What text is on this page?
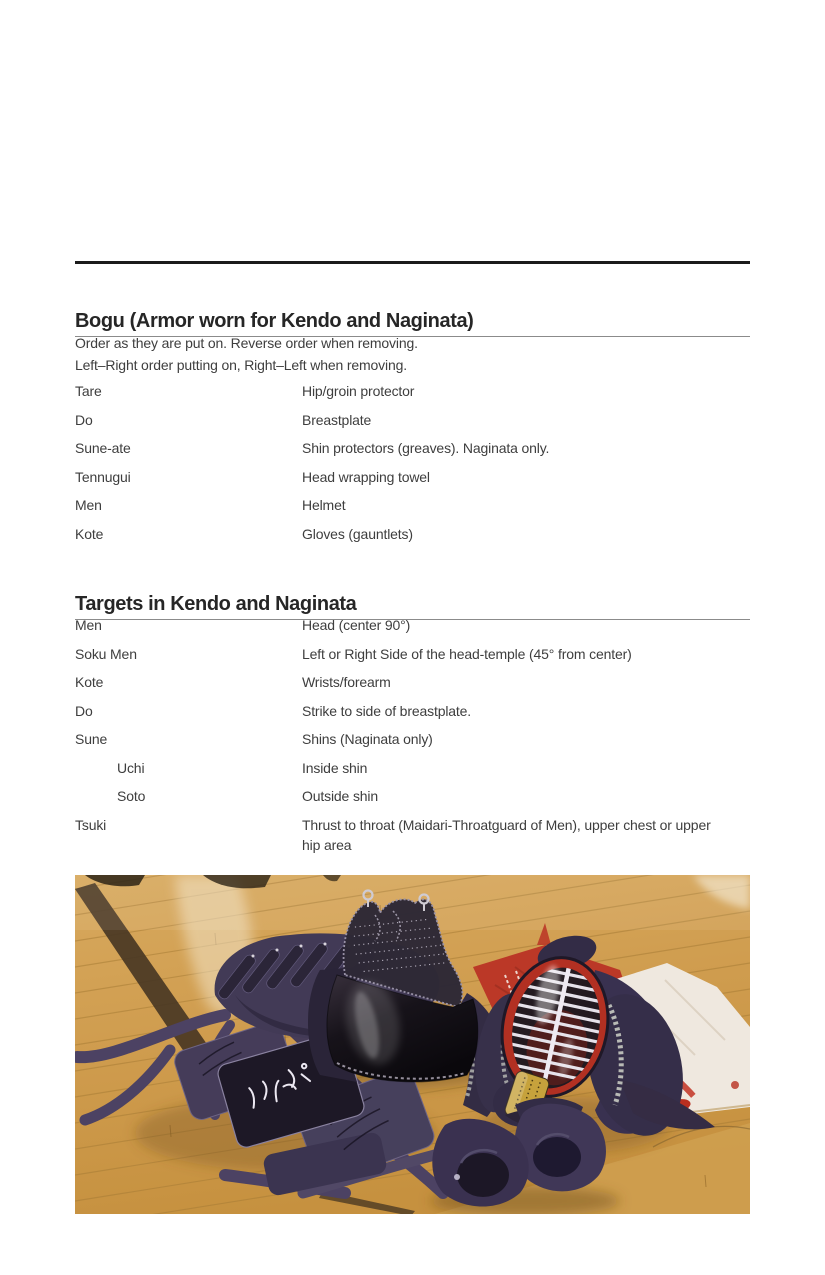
Bogu (Armor worn for Kendo and Naginata)
Order as they are put on. Reverse order when removing.
Left–Right order putting on, Right–Left when removing.
Tare	Hip/groin protector
Do	Breastplate
Sune-ate	Shin protectors (greaves). Naginata only.
Tennugui	Head wrapping towel
Men	Helmet
Kote	Gloves (gauntlets)
Targets in Kendo and Naginata
Men	Head (center 90°)
Soku Men	Left or Right Side of the head-temple (45° from center)
Kote	Wrists/forearm
Do	Strike to side of breastplate.
Sune	Shins (Naginata only)
Uchi	Inside shin
Soto	Outside shin
Tsuki	Thrust to throat (Maidari-Throatguard of Men), upper chest or upper hip area
